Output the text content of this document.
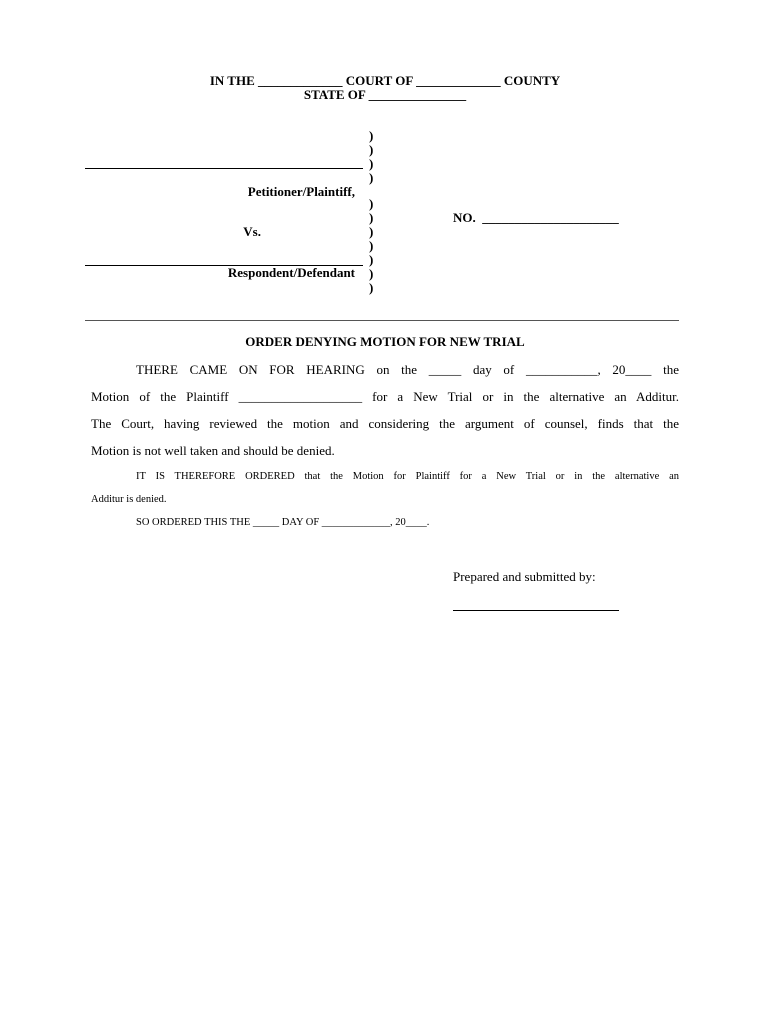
IN THE _____________ COURT OF _____________ COUNTY
STATE OF _______________
)
)
)
)
)
)
)
)
)
)
)
Petitioner/Plaintiff,
Vs.
Respondent/Defendant
NO.  _____________________
ORDER DENYING MOTION FOR NEW TRIAL
THERE CAME ON FOR HEARING on the _____ day of ___________, 20____ the
Motion of the Plaintiff ___________________ for a New Trial or in the alternative an Additur.
The Court, having reviewed the motion and considering the argument of counsel, finds that the
Motion is not well taken and should be denied.
IT IS THEREFORE ORDERED that the Motion for Plaintiff for a New Trial or in the alternative an
Additur is denied.
SO ORDERED THIS THE _____ DAY OF _____________, 20____.
Prepared and submitted by:
